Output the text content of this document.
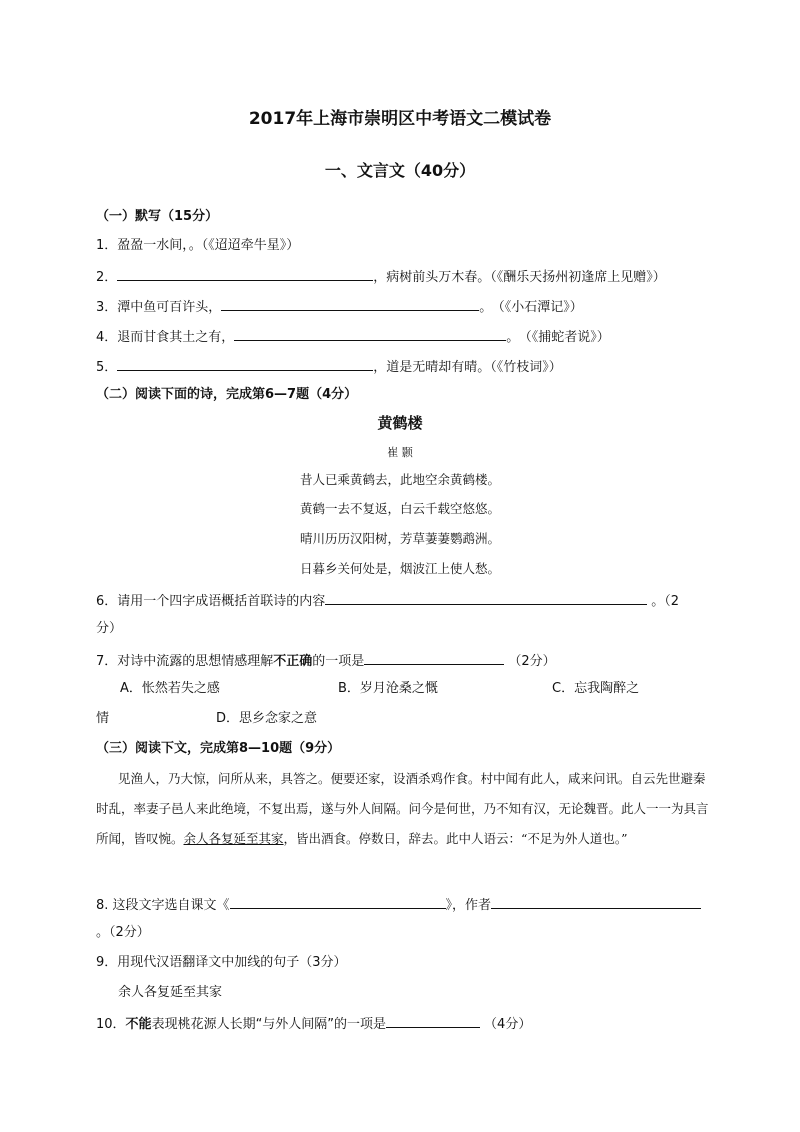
2017年上海市崇明区中考语文二模试卷
一、文言文（40分）
（一）默写（15分）
1．盈盈一水间，。（《迢迢牵牛星》）
2．	，病树前头万木春。（《酬乐天扬州初逢席上见赠》）
3．潭中鱼可百许头，	。 （《小石潭记》）
4．退而甘食其土之有，	。 （《捕蛇者说》）
5．	，道是无晴却有晴。（《竹枝词》）
（二）阅读下面的诗，完成第6—7题（4分）
黄鹤楼
崔 颢
昔人已乘黄鹤去，此地空余黄鹤楼。
黄鹤一去不复返，白云千载空悠悠。
晴川历历汉阳树，芳草萋萋鹦鹉洲。
日暮乡关何处是，烟波江上使人愁。
6．请用一个四字成语概括首联诗的内容	。（2
分）
7．对诗中流露的思想情感理解不正确的一项是	（2分）
A．怅然若失之感	B．岁月沧桑之慨	C．忘我陶醉之
情	D．思乡念家之意
（三）阅读下文，完成第8—10题（9分）
见渔人，乃大惊，问所从来，具答之。便要还家，设酒杀鸡作食。村中闻有此人，咸来问讯。自云先世避秦时乱，率妻子邑人来此绝境，不复出焉，遂与外人间隔。问今是何世，乃不知有汉，无论魏晋。此人一一为具言所闻，皆叹惋。余人各复延至其家，皆出酒食。停数日，辞去。此中人语云：“不足为外人道也。”
8. 这段文字选自课文《	》，作者
。（2分）
9．用现代汉语翻译文中加线的句子（3分）
余人各复延至其家
10．不能表现桃花源人长期“与外人间隔”的一项是	（4分）
